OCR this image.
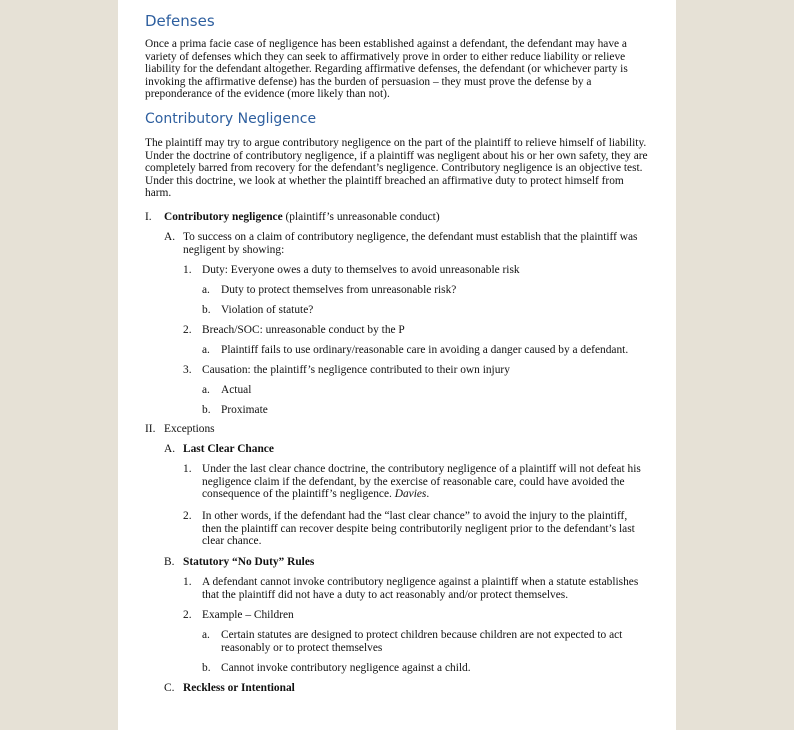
Defenses
Once a prima facie case of negligence has been established against a defendant, the defendant may have a variety of defenses which they can seek to affirmatively prove in order to either reduce liability or relieve liability for the defendant altogether. Regarding affirmative defenses, the defendant (or whichever party is invoking the affirmative defense) has the burden of persuasion – they must prove the defense by a preponderance of the evidence (more likely than not).
Contributory Negligence
The plaintiff may try to argue contributory negligence on the part of the plaintiff to relieve himself of liability. Under the doctrine of contributory negligence, if a plaintiff was negligent about his or her own safety, they are completely barred from recovery for the defendant’s negligence. Contributory negligence is an objective test. Under this doctrine, we look at whether the plaintiff breached an affirmative duty to protect himself from harm.
I. Contributory negligence (plaintiff’s unreasonable conduct)
A. To success on a claim of contributory negligence, the defendant must establish that the plaintiff was negligent by showing:
1. Duty: Everyone owes a duty to themselves to avoid unreasonable risk
a. Duty to protect themselves from unreasonable risk?
b. Violation of statute?
2. Breach/SOC: unreasonable conduct by the P
a. Plaintiff fails to use ordinary/reasonable care in avoiding a danger caused by a defendant.
3. Causation: the plaintiff’s negligence contributed to their own injury
a. Actual
b. Proximate
II. Exceptions
A. Last Clear Chance
1. Under the last clear chance doctrine, the contributory negligence of a plaintiff will not defeat his negligence claim if the defendant, by the exercise of reasonable care, could have avoided the consequence of the plaintiff’s negligence. Davies.
2. In other words, if the defendant had the “last clear chance” to avoid the injury to the plaintiff, then the plaintiff can recover despite being contributorily negligent prior to the defendant’s last clear chance.
B. Statutory “No Duty” Rules
1. A defendant cannot invoke contributory negligence against a plaintiff when a statute establishes that the plaintiff did not have a duty to act reasonably and/or protect themselves.
2. Example – Children
a. Certain statutes are designed to protect children because children are not expected to act reasonably or to protect themselves
b. Cannot invoke contributory negligence against a child.
C. Reckless or Intentional
